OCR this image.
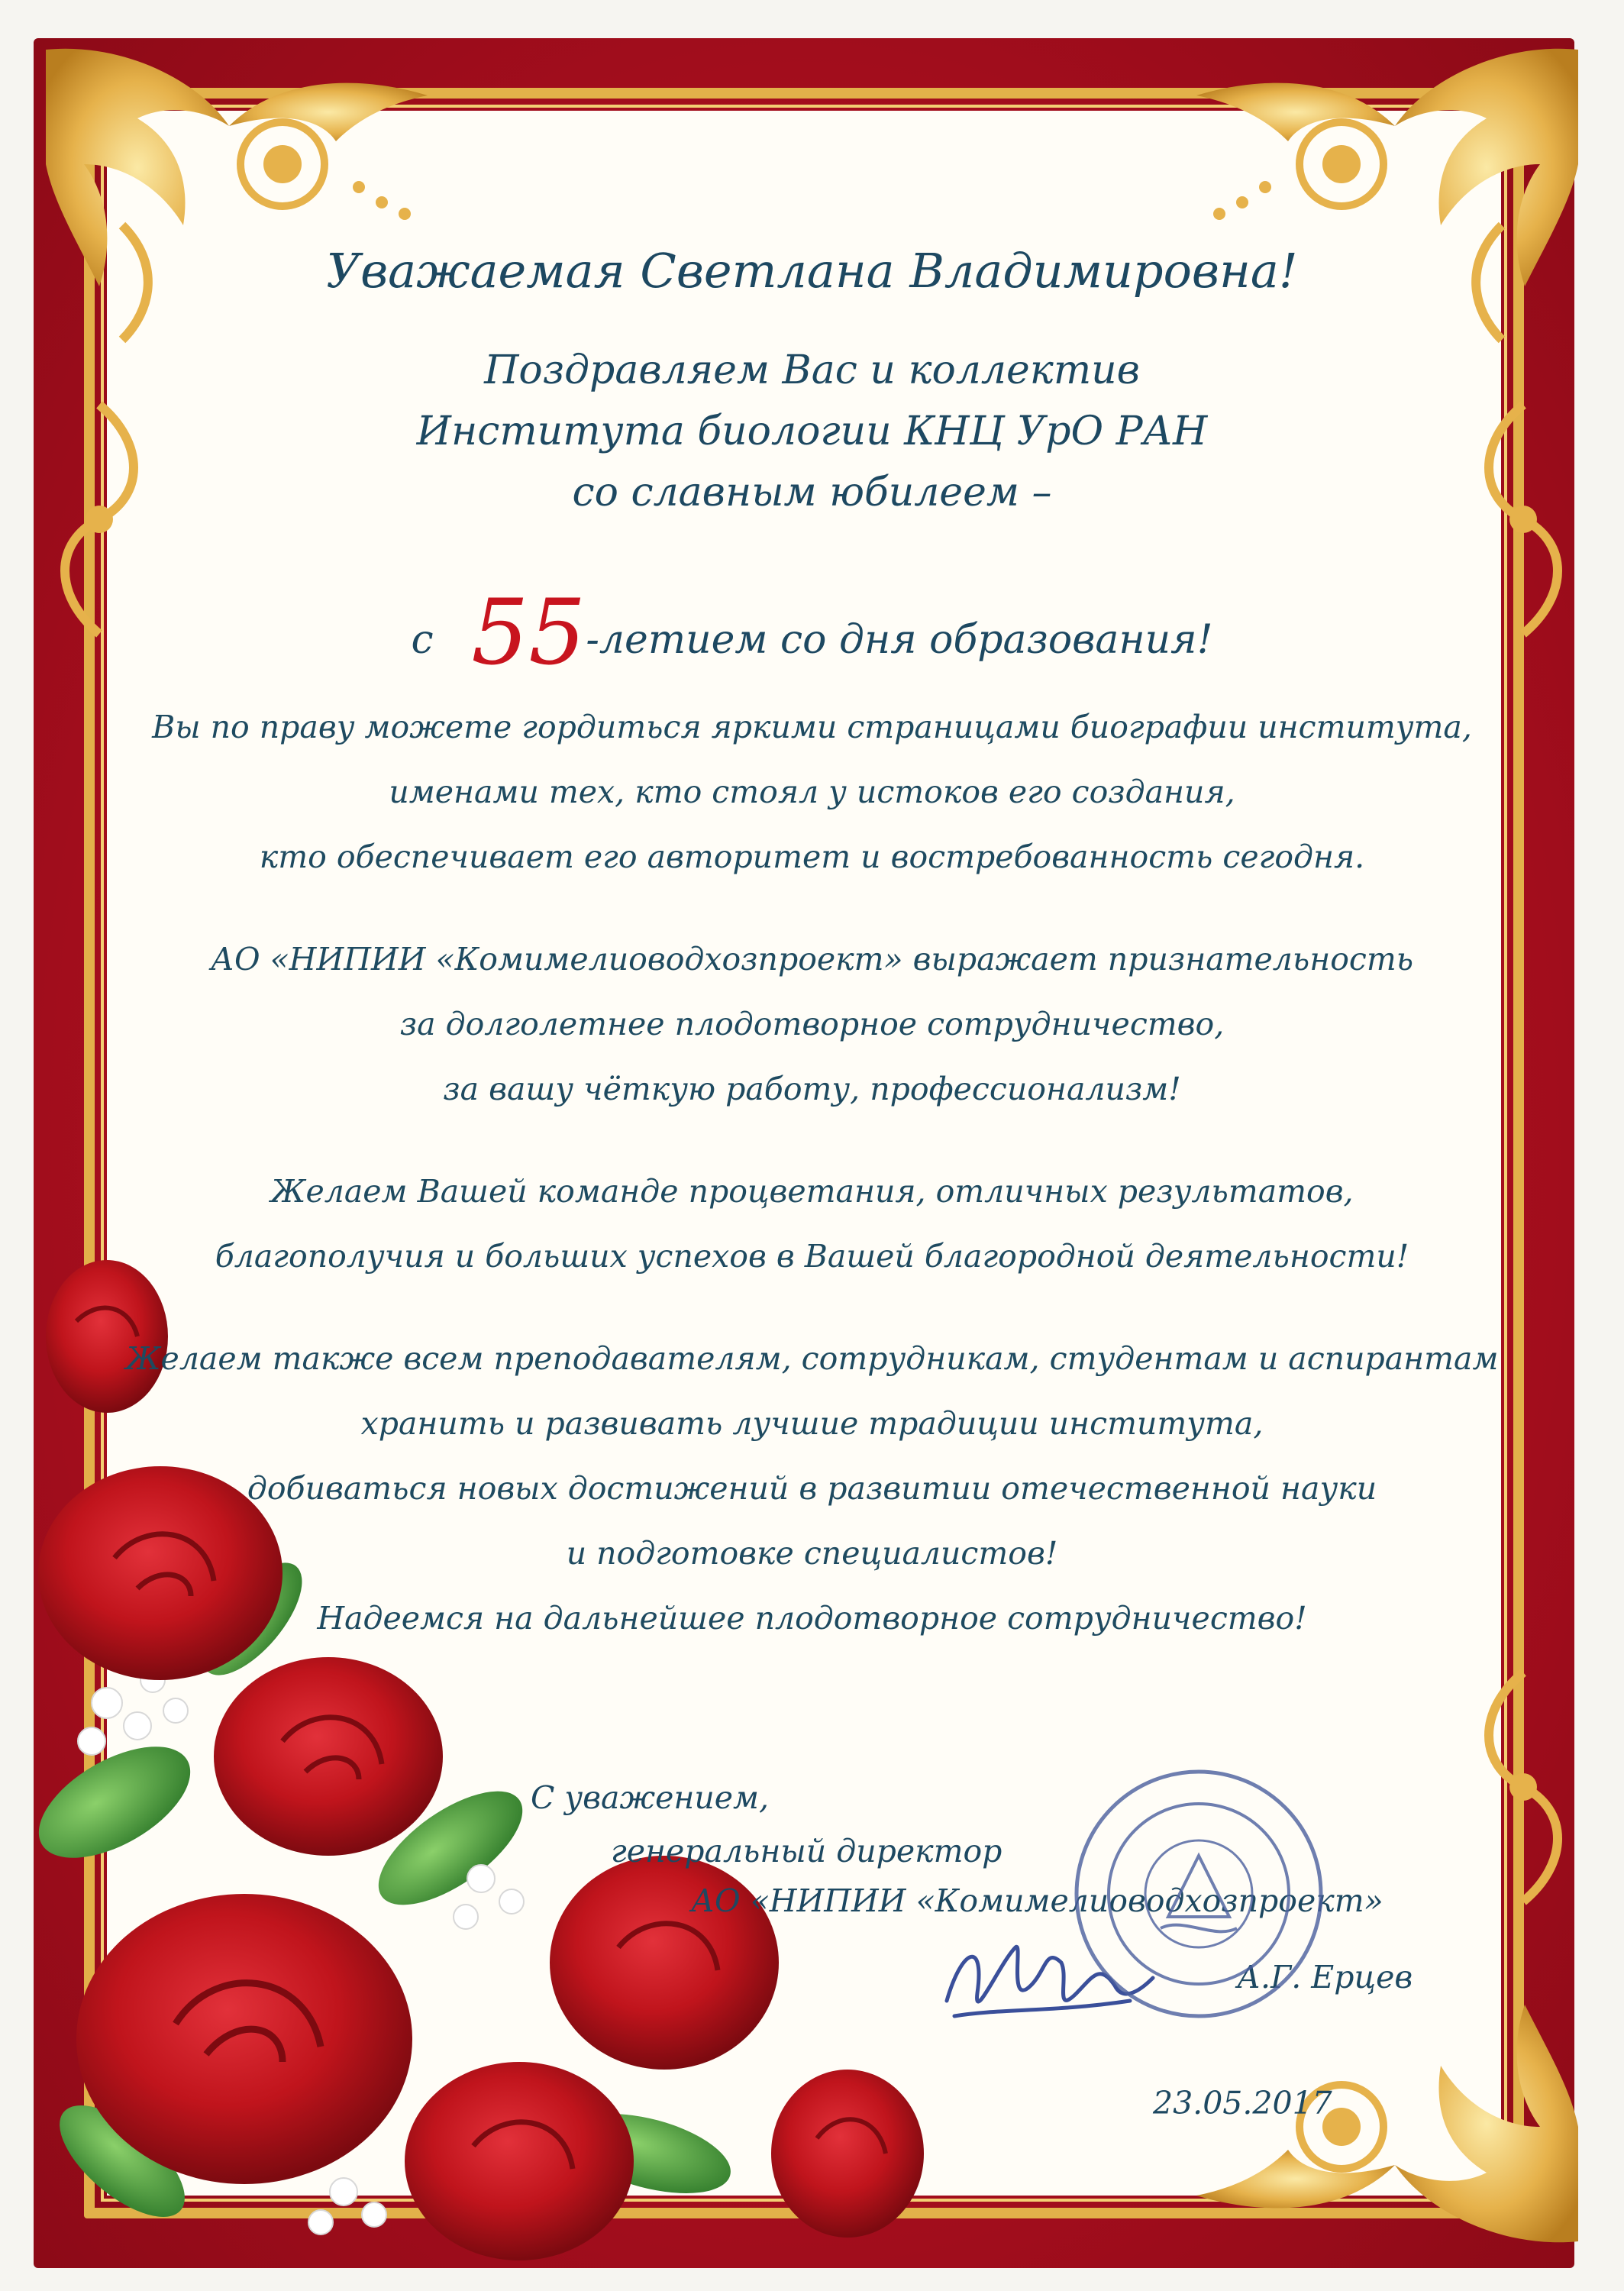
Уважаемая Светлана Владимировна!
Поздравляем Вас и коллектив
Института биологии КНЦ УрО РАН
со славным юбилеем –
с 55-летием со дня образования!
Вы по праву можете гордиться яркими страницами биографии института,
именами тех, кто стоял у истоков его создания,
кто обеспечивает его авторитет и востребованность сегодня.
АО «НИПИИ «Комимелиоводхозпроект» выражает признательность
за долголетнее плодотворное сотрудничество,
за вашу чёткую работу, профессионализм!
Желаем Вашей команде процветания, отличных результатов,
благополучия и больших успехов в Вашей благородной деятельности!
Желаем также всем преподавателям, сотрудникам, студентам и аспирантам
хранить и развивать лучшие традиции института,
добиваться новых достижений в развитии отечественной науки
и подготовке специалистов!
Надеемся на дальнейшее плодотворное сотрудничество!
С уважением,
генеральный директор
АО «НИПИИ «Комимелиоводхозпроект»
А.Г. Ерцев
23.05.2017
